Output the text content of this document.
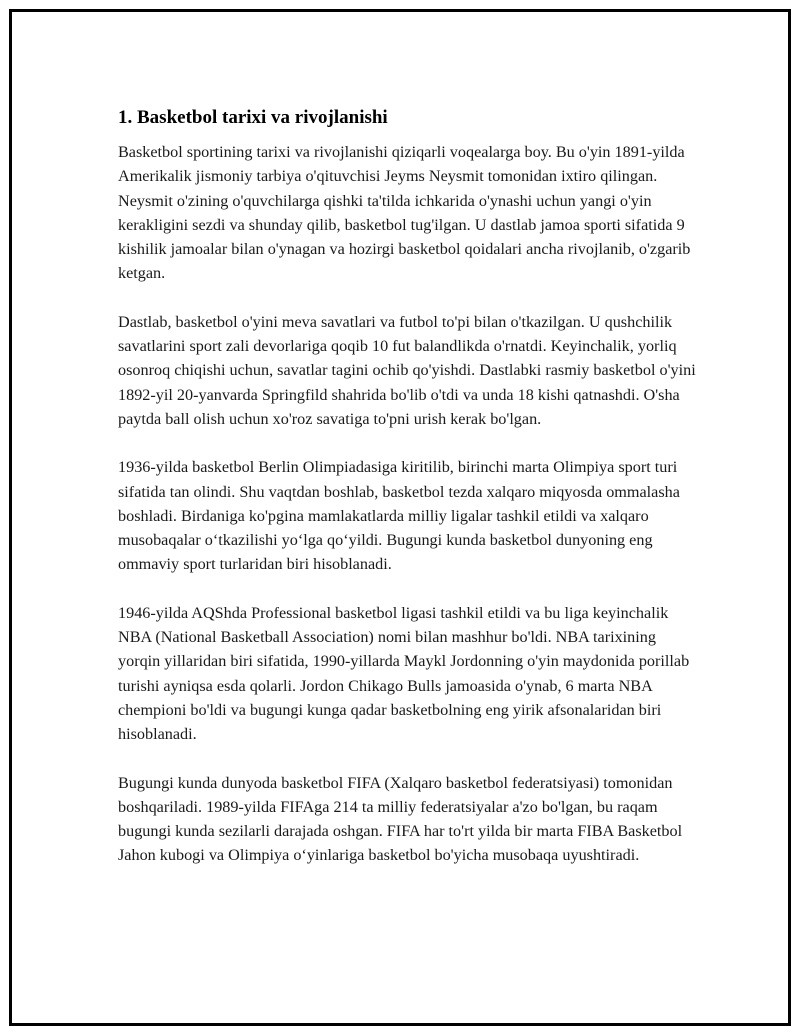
1. Basketbol tarixi va rivojlanishi

Basketbol sportining tarixi va rivojlanishi qiziqarli voqealarga boy. Bu o'yin 1891-yilda Amerikalik jismoniy tarbiya o'qituvchisi Jeyms Neysmit tomonidan ixtiro qilingan. Neysmit o'zining o'quvchilarga qishki ta'tilda ichkarida o'ynashi uchun yangi o'yin kerakligini sezdi va shunday qilib, basketbol tug'ilgan. U dastlab jamoa sporti sifatida 9 kishilik jamoalar bilan o'ynagan va hozirgi basketbol qoidalari ancha rivojlanib, o'zgarib ketgan.

Dastlab, basketbol o'yini meva savatlari va futbol to'pi bilan o'tkazilgan. U qushchilik savatlarini sport zali devorlariga qoqib 10 fut balandlikda o'rnatdi. Keyinchalik, yorliq osonroq chiqishi uchun, savatlar tagini ochib qo'yishdi. Dastlabki rasmiy basketbol o'yini 1892-yil 20-yanvarda Springfild shahrida bo'lib o'tdi va unda 18 kishi qatnashdi. O'sha paytda ball olish uchun xo'roz savatiga to'pni urish kerak bo'lgan.

1936-yilda basketbol Berlin Olimpiadasiga kiritilib, birinchi marta Olimpiya sport turi sifatida tan olindi. Shu vaqtdan boshlab, basketbol tezda xalqaro miqyosda ommalasha boshladi. Birdaniga ko'pgina mamlakatlarda milliy ligalar tashkil etildi va xalqaro musobaqalar o‘tkazilishi yo‘lga qo‘yildi. Bugungi kunda basketbol dunyoning eng ommaviy sport turlaridan biri hisoblanadi.

1946-yilda AQShda Professional basketbol ligasi tashkil etildi va bu liga keyinchalik NBA (National Basketball Association) nomi bilan mashhur bo'ldi. NBA tarixining yorqin yillaridan biri sifatida, 1990-yillarda Maykl Jordonning o'yin maydonida porillab turishi ayniqsa esda qolarli. Jordon Chikago Bulls jamoasida o'ynab, 6 marta NBA chempioni bo'ldi va bugungi kunga qadar basketbolning eng yirik afsonalaridan biri hisoblanadi.

Bugungi kunda dunyoda basketbol FIFA (Xalqaro basketbol federatsiyasi) tomonidan boshqariladi. 1989-yilda FIFAga 214 ta milliy federatsiyalar a'zo bo'lgan, bu raqam bugungi kunda sezilarli darajada oshgan. FIFA har to'rt yilda bir marta FIBA Basketbol Jahon kubogi va Olimpiya o‘yinlariga basketbol bo'yicha musobaqa uyushtiradi.
